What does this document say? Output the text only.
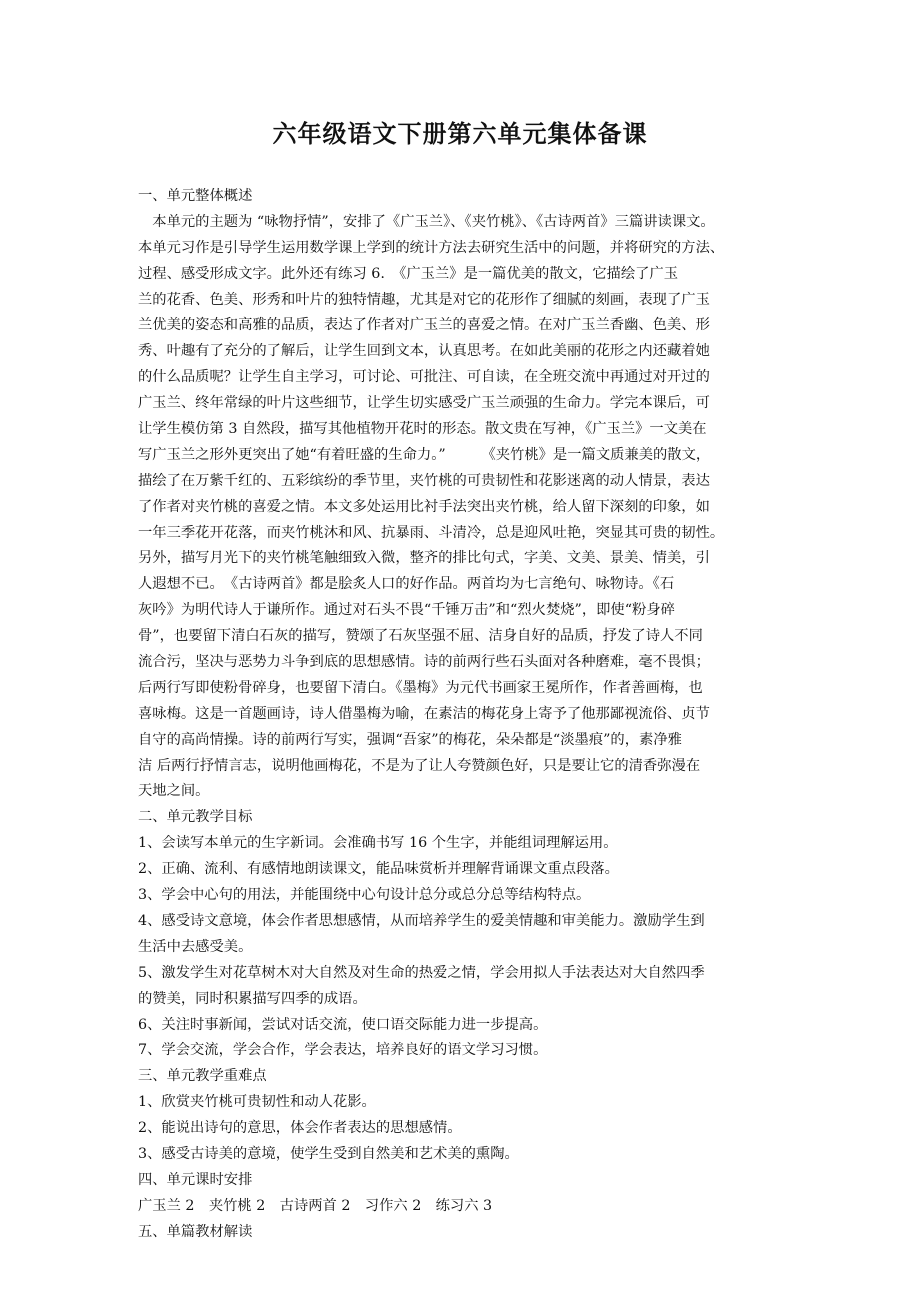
六年级语文下册第六单元集体备课
一、单元整体概述
　本单元的主题为 “咏物抒情”，安排了《广玉兰》、《夹竹桃》、《古诗两首》三篇讲读课文。
本单元习作是引导学生运用数学课上学到的统计方法去研究生活中的问题，并将研究的方法、
过程、感受形成文字。此外还有练习 6.　《广玉兰》是一篇优美的散文，它描绘了广玉
兰的花香、色美、形秀和叶片的独特情趣，尤其是对它的花形作了细腻的刻画，表现了广玉
兰优美的姿态和高雅的品质，表达了作者对广玉兰的喜爱之情。在对广玉兰香幽、色美、形
秀、叶趣有了充分的了解后，让学生回到文本，认真思考。在如此美丽的花形之内还藏着她
的什么品质呢？让学生自主学习，可讨论、可批注、可自读，在全班交流中再通过对开过的
广玉兰、终年常绿的叶片这些细节，让学生切实感受广玉兰顽强的生命力。学完本课后，可
让学生模仿第 3 自然段，描写其他植物开花时的形态。散文贵在写神，《广玉兰》一文美在
写广玉兰之形外更突出了她“有着旺盛的生命力。”　　　《夹竹桃》是一篇文质兼美的散文，
描绘了在万紫千红的、五彩缤纷的季节里，夹竹桃的可贵韧性和花影迷离的动人情景，表达
了作者对夹竹桃的喜爱之情。本文多处运用比衬手法突出夹竹桃，给人留下深刻的印象，如
一年三季花开花落，而夹竹桃沐和风、抗暴雨、斗清冷，总是迎风吐艳，突显其可贵的韧性。
另外，描写月光下的夹竹桃笔触细致入微，整齐的排比句式，字美、文美、景美、情美，引
人遐想不已。　《古诗两首》都是脍炙人口的好作品。两首均为七言绝句、咏物诗。《石
灰吟》为明代诗人于谦所作。通过对石头不畏“千锤万击”和“烈火焚烧”，即使“粉身碎
骨”，也要留下清白石灰的描写，赞颂了石灰坚强不屈、洁身自好的品质，抒发了诗人不同
流合污，坚决与恶势力斗争到底的思想感情。诗的前两行些石头面对各种磨难，毫不畏惧；
后两行写即使粉骨碎身，也要留下清白。《墨梅》为元代书画家王冕所作，作者善画梅，也
喜咏梅。这是一首题画诗，诗人借墨梅为喻，在素洁的梅花身上寄予了他那鄙视流俗、贞节
自守的高尚情操。诗的前两行写实，强调“吾家”的梅花，朵朵都是“淡墨痕”的，素净雅
洁 后两行抒情言志，说明他画梅花，不是为了让人夸赞颜色好，只是要让它的清香弥漫在
天地之间。
二、单元教学目标
1、会读写本单元的生字新词。会准确书写 16 个生字，并能组词理解运用。
2、正确、流利、有感情地朗读课文，能品味赏析并理解背诵课文重点段落。
3、学会中心句的用法，并能围绕中心句设计总分或总分总等结构特点。
4、感受诗文意境，体会作者思想感情，从而培养学生的爱美情趣和审美能力。激励学生到
生活中去感受美。
5、激发学生对花草树木对大自然及对生命的热爱之情，学会用拟人手法表达对大自然四季
的赞美，同时积累描写四季的成语。
6、关注时事新闻，尝试对话交流，使口语交际能力进一步提高。
7、学会交流，学会合作，学会表达，培养良好的语文学习习惯。
三、单元教学重难点
1、欣赏夹竹桃可贵韧性和动人花影。
2、能说出诗句的意思，体会作者表达的思想感情。
3、感受古诗美的意境，使学生受到自然美和艺术美的熏陶。
四、单元课时安排
广玉兰 2　夹竹桃 2　古诗两首 2　习作六 2　练习六 3
五、单篇教材解读
